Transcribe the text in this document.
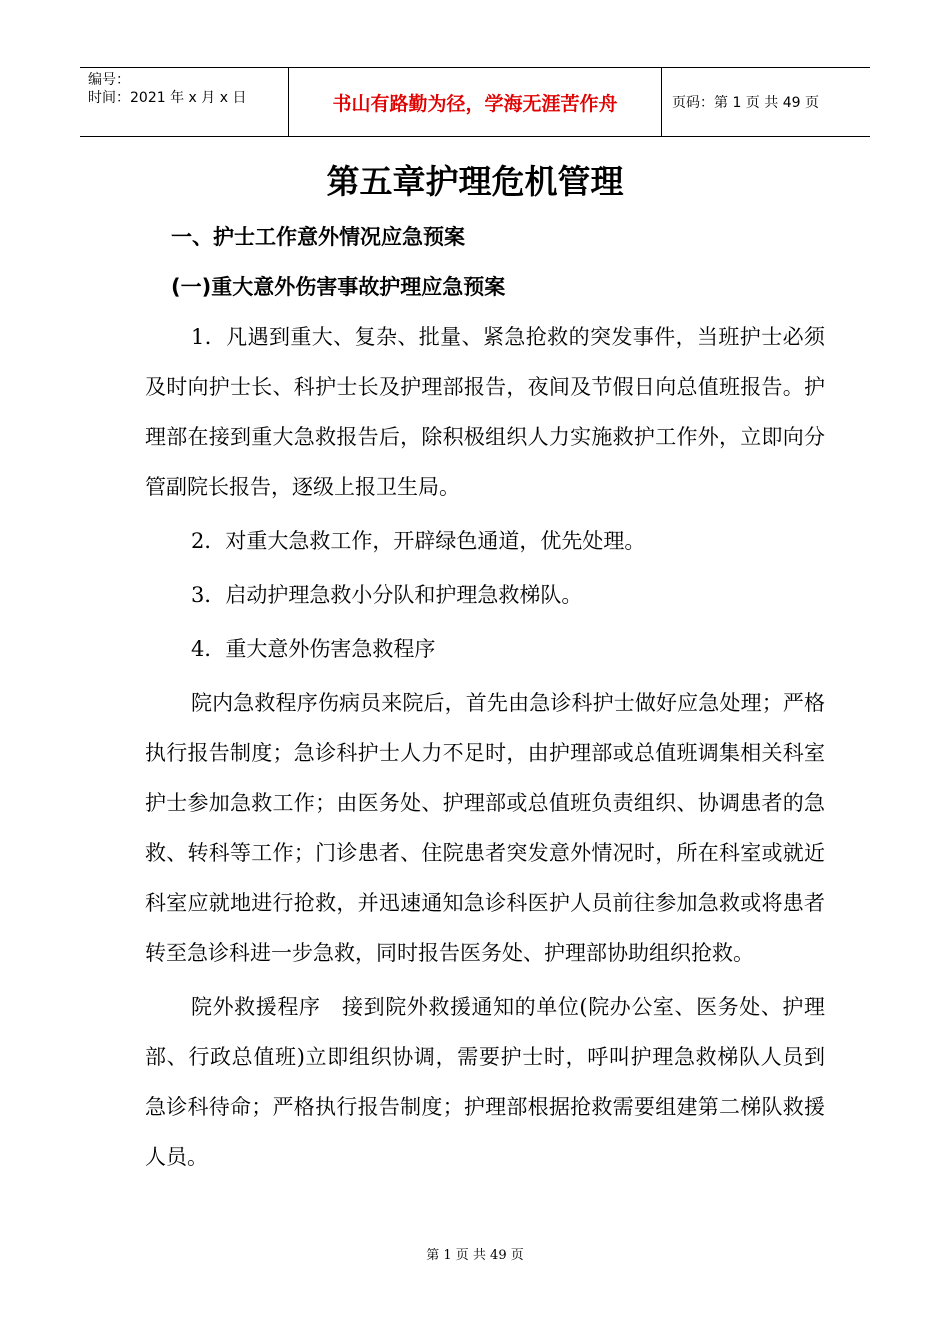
编号：
时间：2021 年 x 月 x 日	书山有路勤为径，学海无涯苦作舟	页码：第 1 页 共 49 页
第五章护理危机管理
一、护士工作意外情况应急预案
(一)重大意外伤害事故护理应急预案

1．凡遇到重大、复杂、批量、紧急抢救的突发事件，当班护士必须及时向护士长、科护士长及护理部报告，夜间及节假日向总值班报告。护理部在接到重大急救报告后，除积极组织人力实施救护工作外，立即向分管副院长报告，逐级上报卫生局。

2．对重大急救工作，开辟绿色通道，优先处理。

3．启动护理急救小分队和护理急救梯队。

4．重大意外伤害急救程序

院内急救程序伤病员来院后，首先由急诊科护士做好应急处理；严格执行报告制度；急诊科护士人力不足时，由护理部或总值班调集相关科室护士参加急救工作；由医务处、护理部或总值班负责组织、协调患者的急救、转科等工作；门诊患者、住院患者突发意外情况时，所在科室或就近科室应就地进行抢救，并迅速通知急诊科医护人员前往参加急救或将患者转至急诊科进一步急救，同时报告医务处、护理部协助组织抢救。

院外救援程序　接到院外救援通知的单位(院办公室、医务处、护理部、行政总值班)立即组织协调，需要护士时，呼叫护理急救梯队人员到急诊科待命；严格执行报告制度；护理部根据抢救需要组建第二梯队救援人员。

第 1 页 共 49 页
